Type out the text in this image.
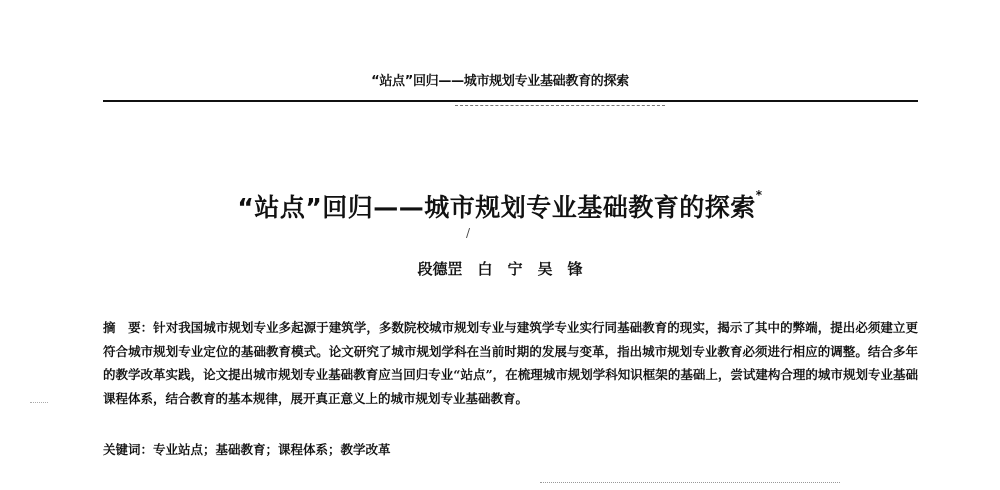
“站点”回归——城市规划专业基础教育的探索
“站点”回归——城市规划专业基础教育的探索*
/
段德罡　白　宁　吴　锋
摘　要：针对我国城市规划专业多起源于建筑学，多数院校城市规划专业与建筑学专业实行同基础教育的现实，揭示了其中的弊端，提出必须建立更符合城市规划专业定位的基础教育模式。论文研究了城市规划学科在当前时期的发展与变革，指出城市规划专业教育必须进行相应的调整。结合多年的教学改革实践，论文提出城市规划专业基础教育应当回归专业“站点”，在梳理城市规划学科知识框架的基础上，尝试建构合理的城市规划专业基础课程体系，结合教育的基本规律，展开真正意义上的城市规划专业基础教育。
关键词：专业站点；基础教育；课程体系；教学改革
